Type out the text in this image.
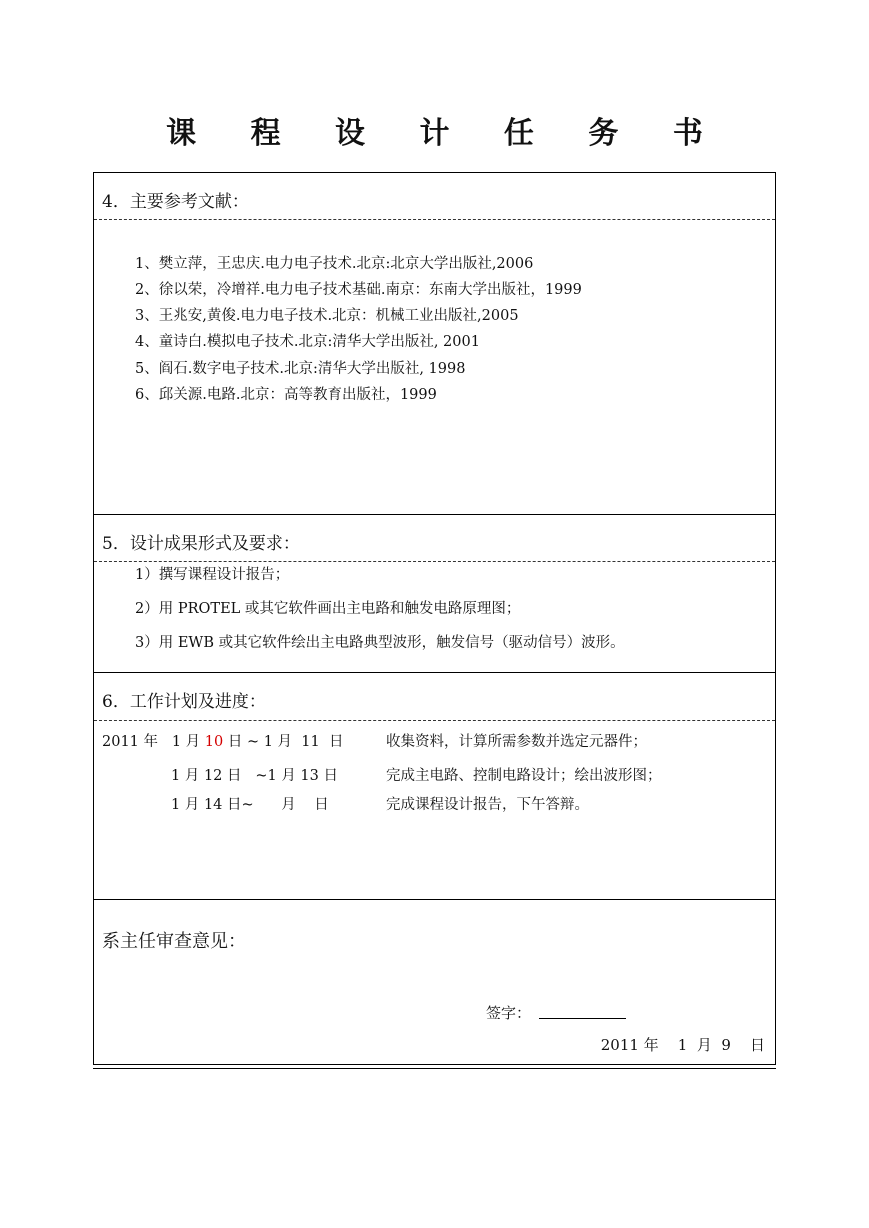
课 程 设 计 任 务 书
4．主要参考文献：
1、樊立萍，王忠庆.电力电子技术.北京:北京大学出版社,2006
2、徐以荣，冷增祥.电力电子技术基础.南京：东南大学出版社，1999
3、王兆安,黄俊.电力电子技术.北京：机械工业出版社,2005
4、童诗白.模拟电子技术.北京:清华大学出版社, 2001
5、阎石.数字电子技术.北京:清华大学出版社, 1998
6、邱关源.电路.北京：高等教育出版社，1999
5．设计成果形式及要求：
1）撰写课程设计报告；
2）用 PROTEL 或其它软件画出主电路和触发电路原理图；
3）用 EWB 或其它软件绘出主电路典型波形，触发信号（驱动信号）波形。
6．工作计划及进度：
2011 年   1 月 10 日 ~ 1 月  11  日	收集资料，计算所需参数并选定元器件；
1 月 12 日   ~1 月 13 日	完成主电路、控制电路设计；绘出波形图；
1 月 14 日~      月    日	完成课程设计报告，下午答辩。
系主任审查意见：
签字：
2011 年    1  月  9    日
